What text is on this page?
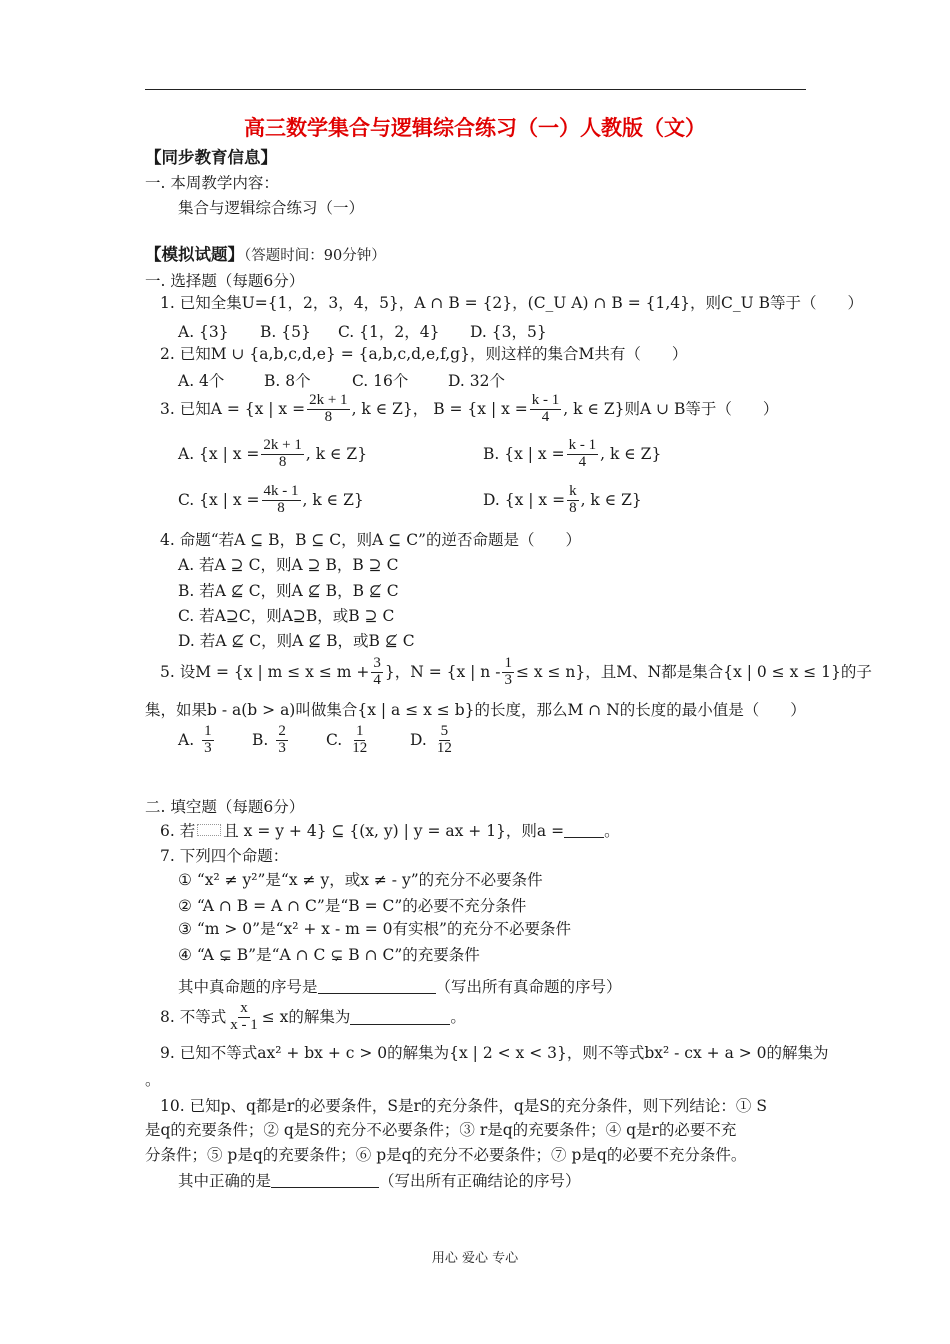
高三数学集合与逻辑综合练习（一）人教版（文）
【同步教育信息】
一. 本周教学内容：
集合与逻辑综合练习（一）
【模拟试题】（答题时间：90分钟）
一. 选择题（每题6分）
1. 已知全集U={1，2，3，4，5}，A ∩ B = {2}，(C_U A) ∩ B = {1,4}，则C_U B等于（　　）
A. {3} B. {5} C. {1，2，4} D. {3，5}
2. 已知M ∪ {a,b,c,d,e} = {a,b,c,d,e,f,g}，则这样的集合M共有（　　）
A. 4个	B. 8个	C. 16个	D. 32个
3. 已知A = {x | $x = \frac{2k + 1}{8}$ , k ∈ Z}， B = {x | $x = \frac{k - 1}{4}$ , k ∈ Z}则A ∪ B等于（　　）
A. {x | $x = \frac{2k + 1}{8}$ , k ∈ Z}	B. {x | $x = \frac{k - 1}{4}$ , k ∈ Z}
C. {x | $x = \frac{4k - 1}{8}$ , k ∈ Z}	D. {x | $x = \frac{k}{8}$ , k ∈ Z}
4. 命题“若A ⊆ B，B ⊆ C，则A ⊆ C”的逆否命题是（　　）
A. 若A ⊇ C，则A ⊇ B，B ⊇ C
B. 若A ⊈ C，则A ⊈ B，B ⊈ C
C. 若A⊇C，则A⊇B，或B ⊇ C
D. 若A ⊈ C，则A ⊈ B，或B ⊈ C
5. 设M = {x | $m \le x \le m + \frac{3}{4}$ }，N = {x | $n - \frac{1}{3} \le x \le n$}，且M、N都是集合{x | 0 ≤ x ≤ 1}的子
集，如果b - a(b > a)叫做集合{x | a ≤ x ≤ b}的长度，那么M ∩ N的长度的最小值是（　　）
A. $\frac{1}{3} B$. $\frac{2}{3} C$. $\frac{1}{12}$	D. $\frac{5}{12}$
二. 填空题（每题6分）
6. 若 且 x = y + 4} ⊆ {(x, y) | y = ax + 1}，则a =	。
7. 下列四个命题：
① “x² ≠ y²”是“x ≠ y，或x ≠ - y”的充分不必要条件
② “A ∩ B = A ∩ C”是“B = C”的必要不充分条件
③ “m > 0”是“x² + x - m = 0有实根”的充分不必要条件
④ “A ⊊ B”是“A ∩ C ⊊ B ∩ C”的充要条件
其中真命题的序号是	（写出所有真命题的序号）
8. 不等式 $\frac{x}{x - 1} \le x$的解集为	。
9. 已知不等式ax² + bx + c > 0的解集为{x | 2 < x < 3}，则不等式bx² - cx + a > 0的解集为
。
10. 已知p、q都是r的必要条件，S是r的充分条件，q是S的充分条件，则下列结论：① S
是q的充要条件；② q是S的充分不必要条件；③ r是q的充要条件；④ q是r的必要不充
分条件；⑤ p是q的充要条件；⑥ p是q的充分不必要条件；⑦ p是q的必要不充分条件。
其中正确的是	（写出所有正确结论的序号）
用心 爱心 专心
